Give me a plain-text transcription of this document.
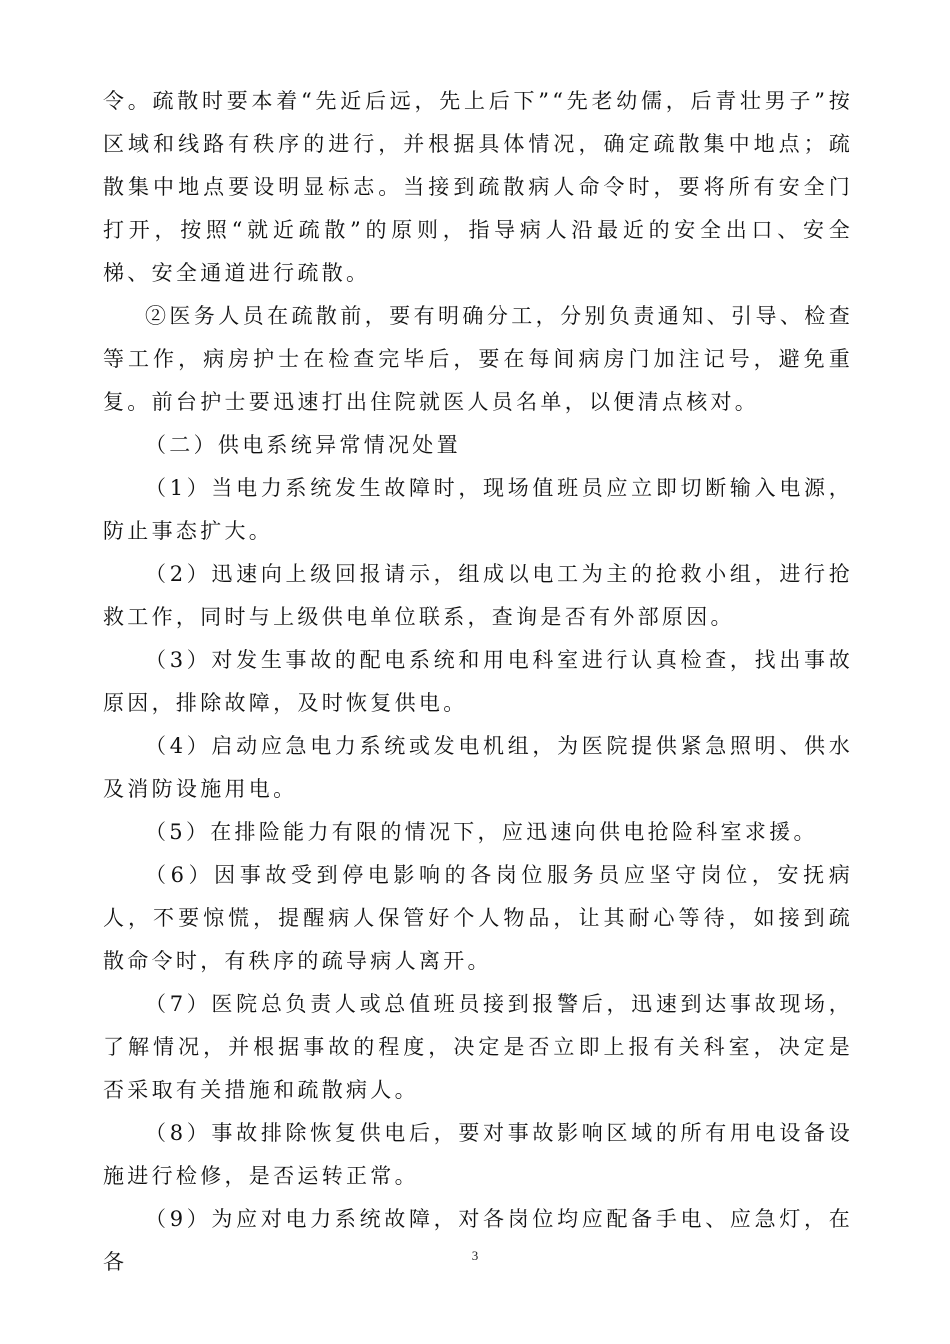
令。疏散时要本着“先近后远，先上后下”“先老幼儒，后青壮男子”按区域和线路有秩序的进行，并根据具体情况，确定疏散集中地点；疏散集中地点要设明显标志。当接到疏散病人命令时，要将所有安全门打开，按照“就近疏散”的原则，指导病人沿最近的安全出口、安全梯、安全通道进行疏散。

②医务人员在疏散前，要有明确分工，分别负责通知、引导、检查等工作，病房护士在检查完毕后，要在每间病房门加注记号，避免重复。前台护士要迅速打出住院就医人员名单，以便清点核对。

（二）供电系统异常情况处置

（1）当电力系统发生故障时，现场值班员应立即切断输入电源，防止事态扩大。

（2）迅速向上级回报请示，组成以电工为主的抢救小组，进行抢救工作，同时与上级供电单位联系，查询是否有外部原因。

（3）对发生事故的配电系统和用电科室进行认真检查，找出事故原因，排除故障，及时恢复供电。

（4）启动应急电力系统或发电机组，为医院提供紧急照明、供水及消防设施用电。

（5）在排险能力有限的情况下，应迅速向供电抢险科室求援。

（6）因事故受到停电影响的各岗位服务员应坚守岗位，安抚病人，不要惊慌，提醒病人保管好个人物品，让其耐心等待，如接到疏散命令时，有秩序的疏导病人离开。

（7）医院总负责人或总值班员接到报警后，迅速到达事故现场，了解情况，并根据事故的程度，决定是否立即上报有关科室，决定是否采取有关措施和疏散病人。

（8）事故排除恢复供电后，要对事故影响区域的所有用电设备设施进行检修，是否运转正常。

（9）为应对电力系统故障，对各岗位均应配备手电、应急灯，在各	3
